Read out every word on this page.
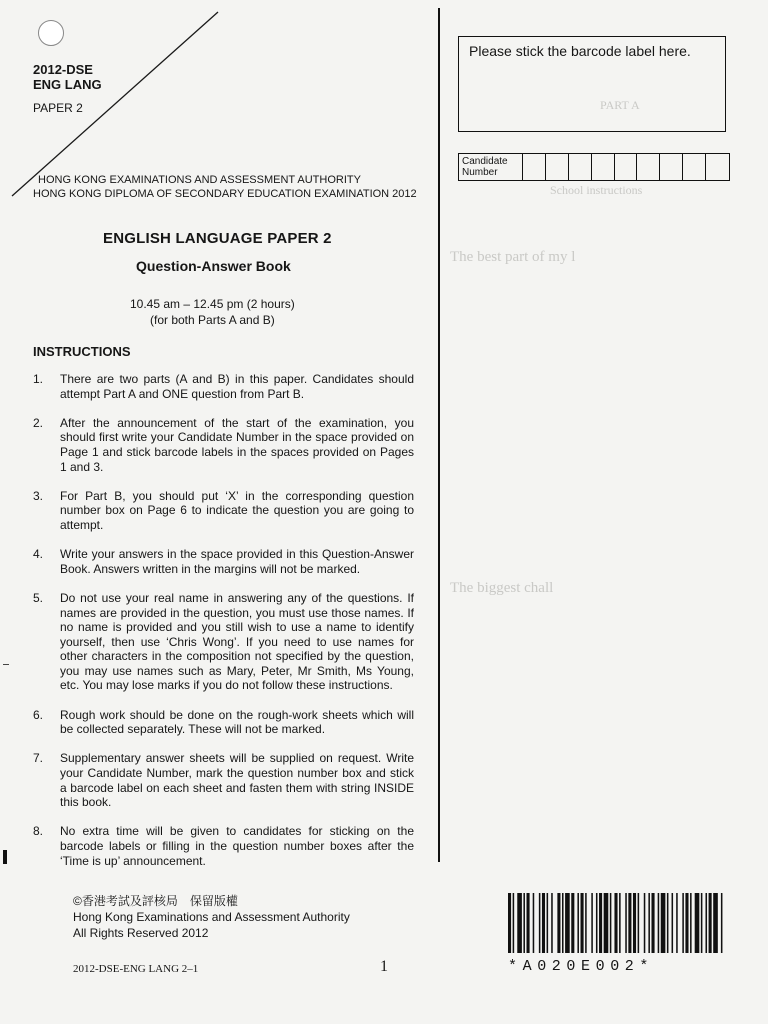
2012-DSE
ENG LANG
PAPER 2
HONG KONG EXAMINATIONS AND ASSESSMENT AUTHORITY
HONG KONG DIPLOMA OF SECONDARY EDUCATION EXAMINATION 2012
ENGLISH LANGUAGE PAPER 2
Question-Answer Book
10.45 am – 12.45 pm (2 hours)
(for both Parts A and B)
INSTRUCTIONS
1.	There are two parts (A and B) in this paper. Candidates should attempt Part A and ONE question from Part B.
2.	After the announcement of the start of the examination, you should first write your Candidate Number in the space provided on Page 1 and stick barcode labels in the spaces provided on Pages 1 and 3.
3.	For Part B, you should put ‘X’ in the corresponding question number box on Page 6 to indicate the question you are going to attempt.
4.	Write your answers in the space provided in this Question-Answer Book. Answers written in the margins will not be marked.
5.	Do not use your real name in answering any of the questions. If names are provided in the question, you must use those names. If no name is provided and you still wish to use a name to identify yourself, then use ‘Chris Wong’. If you need to use names for other characters in the composition not specified by the question, you may use names such as Mary, Peter, Mr Smith, Ms Young, etc. You may lose marks if you do not follow these instructions.
6.	Rough work should be done on the rough-work sheets which will be collected separately. These will not be marked.
7.	Supplementary answer sheets will be supplied on request. Write your Candidate Number, mark the question number box and stick a barcode label on each sheet and fasten them with string INSIDE this book.
8.	No extra time will be given to candidates for sticking on the barcode labels or filling in the question number boxes after the ‘Time is up’ announcement.
Please stick the barcode label here.
Candidate Number
PART A
School instructions
The best part of my l
The biggest chall
©香港考試及評核局　保留版權
Hong Kong Examinations and Assessment Authority
All Rights Reserved 2012
2012-DSE-ENG LANG 2–1	1	*A020E002*
